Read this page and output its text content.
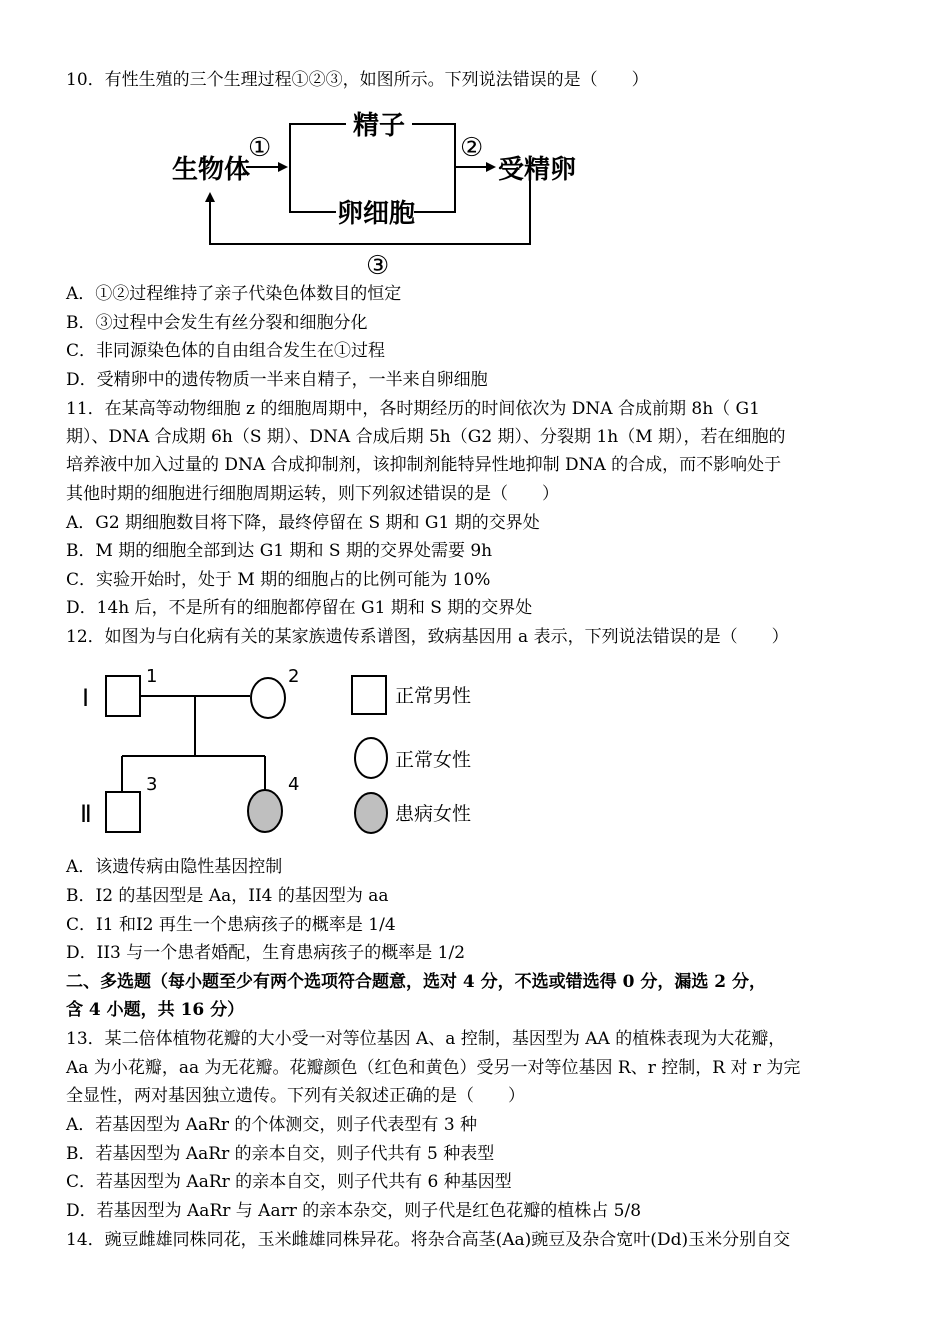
10．有性生殖的三个生理过程①②③，如图所示。下列说法错误的是（　　）
生物体
①
精子
卵细胞
②
受精卵
③
A．①②过程维持了亲子代染色体数目的恒定
B．③过程中会发生有丝分裂和细胞分化
C．非同源染色体的自由组合发生在①过程
D．受精卵中的遗传物质一半来自精子，一半来自卵细胞
11．在某高等动物细胞 z 的细胞周期中，各时期经历的时间依次为 DNA 合成前期 8h（ G1
期）、DNA 合成期 6h（S 期）、DNA 合成后期 5h（G2 期）、分裂期 1h（M 期），若在细胞的
培养液中加入过量的 DNA 合成抑制剂，该抑制剂能特异性地抑制 DNA 的合成，而不影响处于
其他时期的细胞进行细胞周期运转，则下列叙述错误的是（　　）
A．G2 期细胞数目将下降，最终停留在 S 期和 G1 期的交界处
B．M 期的细胞全部到达 G1 期和 S 期的交界处需要 9h
C．实验开始时，处于 M 期的细胞占的比例可能为 10%
D．14h 后，不是所有的细胞都停留在 G1 期和 S 期的交界处
12．如图为与白化病有关的某家族遗传系谱图，致病基因用 a 表示，下列说法错误的是（　　）
Ⅰ
1	2
Ⅱ
3	4
正常男性
正常女性
患病女性
A．该遗传病由隐性基因控制
B．I2 的基因型是 Aa，II4 的基因型为 aa
C．I1 和I2 再生一个患病孩子的概率是 1/4
D．II3 与一个患者婚配，生育患病孩子的概率是 1/2
二、多选题（每小题至少有两个选项符合题意，选对 4 分，不选或错选得 0 分，漏选 2 分，
含 4 小题，共 16 分）
13．某二倍体植物花瓣的大小受一对等位基因 A、a 控制，基因型为 AA 的植株表现为大花瓣，
Aa 为小花瓣，aa 为无花瓣。花瓣颜色（红色和黄色）受另一对等位基因 R、r 控制，R 对 r 为完
全显性，两对基因独立遗传。下列有关叙述正确的是（　　）
A．若基因型为 AaRr 的个体测交，则子代表型有 3 种
B．若基因型为 AaRr 的亲本自交，则子代共有 5 种表型
C．若基因型为 AaRr 的亲本自交，则子代共有 6 种基因型
D．若基因型为 AaRr 与 Aarr 的亲本杂交，则子代是红色花瓣的植株占 5/8
14．豌豆雌雄同株同花，玉米雌雄同株异花。将杂合高茎(Aa)豌豆及杂合宽叶(Dd)玉米分别自交
